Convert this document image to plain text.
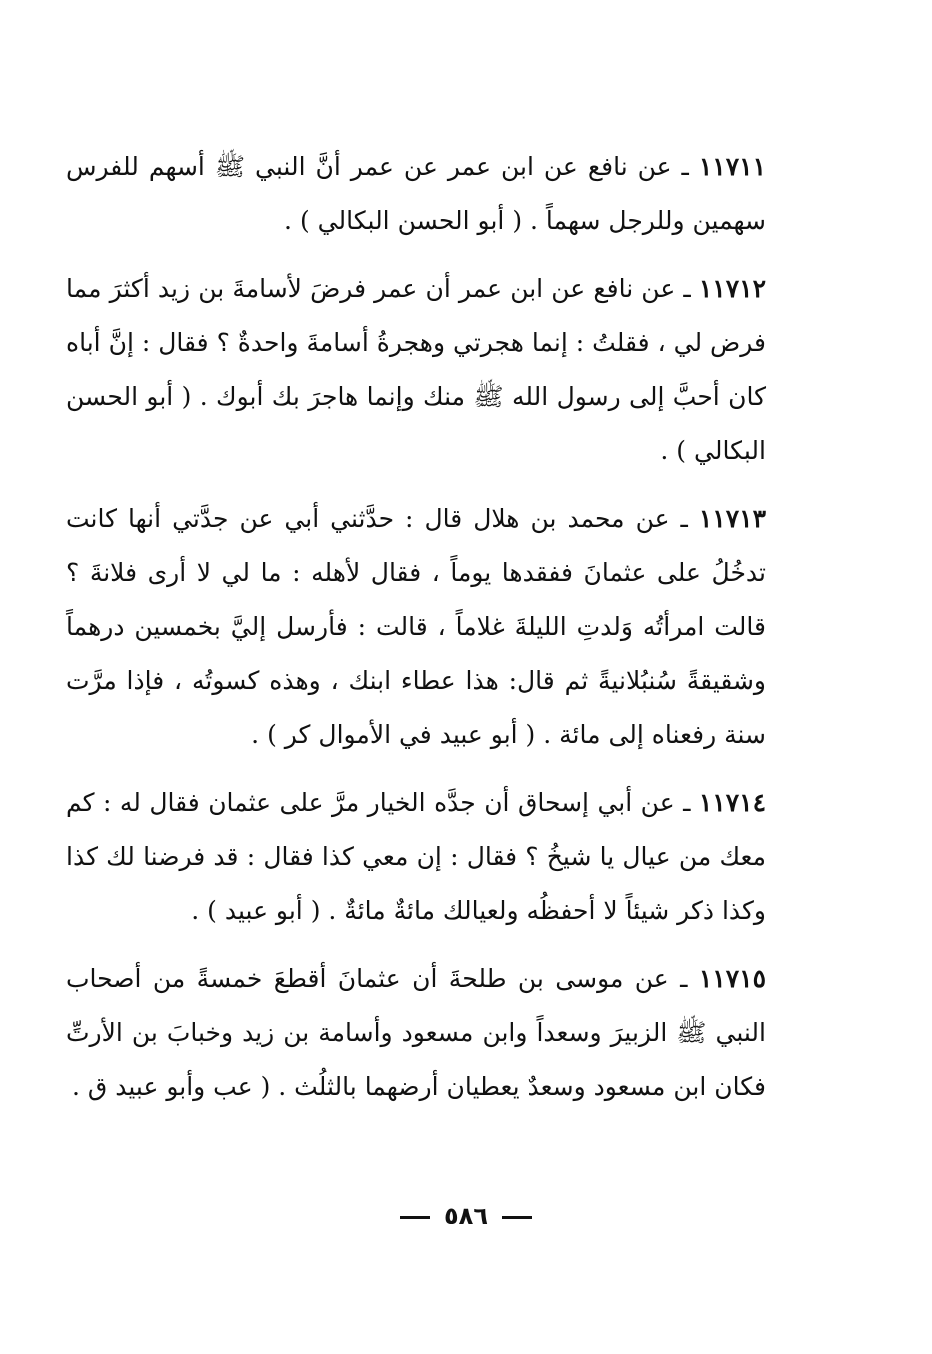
١١٧١١ ـ عن نافع عن ابن عمر عن عمر أنَّ النبي ﷺ أسهم للفرس سهمين وللرجل سهماً . ( أبو الحسن البكالي ) .

١١٧١٢ ـ عن نافع عن ابن عمر أن عمر فرضَ لأسامةَ بن زيد أكثرَ مما فرض لي ، فقلتُ : إنما هجرتي وهجرةُ أسامةَ واحدةٌ ؟ فقال : إنَّ أباه كان أحبَّ إلى رسول الله ﷺ منك وإنما هاجرَ بك أبوك . ( أبو الحسن البكالي ) .

١١٧١٣ ـ عن محمد بن هلال قال : حدَّثني أبي عن جدَّتي أنها كانت تدخُلُ على عثمانَ ففقدها يوماً ، فقال لأهله : ما لي لا أرى فلانةَ ؟ قالت امرأتُه وَلدتِ الليلةَ غلاماً ، قالت : فأرسل إليَّ بخمسين درهماً وشقيقةً سُنبُلانيةً ثم قال: هذا عطاء ابنك ، وهذه كسوتُه ، فإذا مرَّت سنة رفعناه إلى مائة . ( أبو عبيد في الأموال كر ) .

١١٧١٤ ـ عن أبي إسحاق أن جدَّه الخيار مرَّ على عثمان فقال له : كم معك من عيال يا شيخُ ؟ فقال : إن معي كذا فقال : قد فرضنا لك كذا وكذا ذكر شيئاً لا أحفظُه ولعيالك مائةٌ مائةٌ . ( أبو عبيد ) .

١١٧١٥ ـ عن موسى بن طلحةَ أن عثمانَ أقطعَ خمسةً من أصحاب النبي ﷺ الزبيرَ وسعداً وابن مسعود وأسامة بن زيد وخبابَ بن الأرتِّ فكان ابن مسعود وسعدٌ يعطيان أرضهما بالثلُث . ( عب وأبو عبيد ق .

٥٨٦
